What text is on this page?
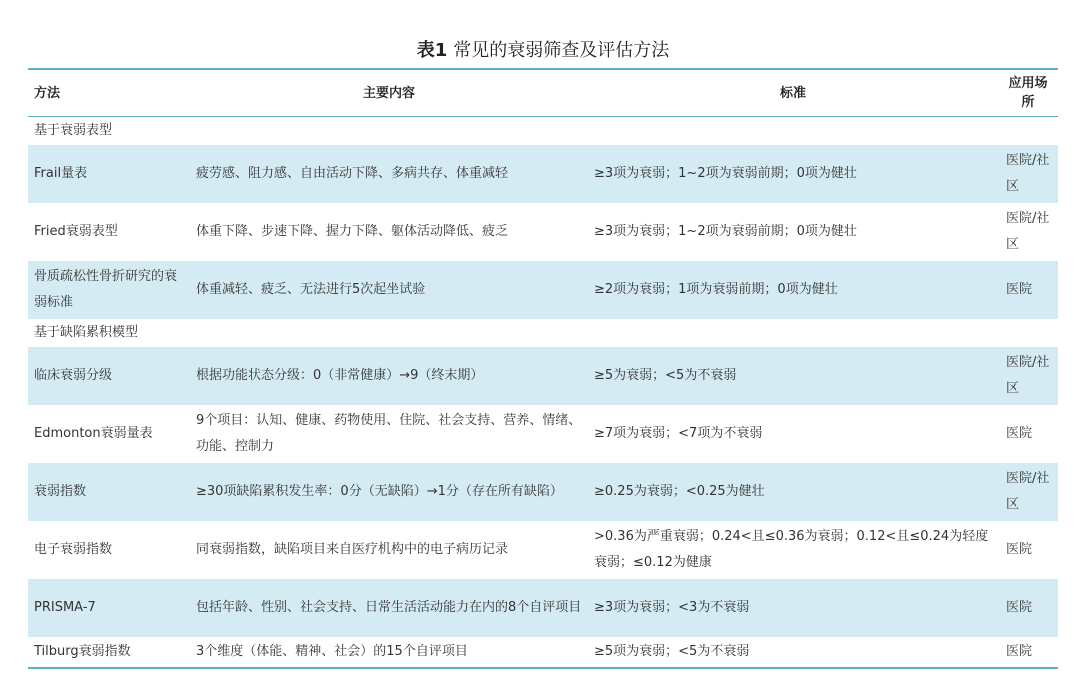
表1 常见的衰弱筛查及评估方法
方法	主要内容	标准	应用场所
基于衰弱表型			
Frail量表	疲劳感、阻力感、自由活动下降、多病共存、体重减轻	≥3项为衰弱；1~2项为衰弱前期；0项为健壮	医院/社区
Fried衰弱表型	体重下降、步速下降、握力下降、躯体活动降低、疲乏	≥3项为衰弱；1~2项为衰弱前期；0项为健壮	医院/社区
骨质疏松性骨折研究的衰弱标准	体重减轻、疲乏、无法进行5次起坐试验	≥2项为衰弱；1项为衰弱前期；0项为健壮	医院
基于缺陷累积模型			
临床衰弱分级	根据功能状态分级：0（非常健康）→9（终末期）	≥5为衰弱；<5为不衰弱	医院/社区
Edmonton衰弱量表	9个项目：认知、健康、药物使用、住院、社会支持、营养、情绪、功能、控制力	≥7项为衰弱；<7项为不衰弱	医院
衰弱指数	≥30项缺陷累积发生率：0分（无缺陷）→1分（存在所有缺陷）	≥0.25为衰弱；<0.25为健壮	医院/社区
电子衰弱指数	同衰弱指数，缺陷项目来自医疗机构中的电子病历记录	>0.36为严重衰弱；0.24<且≤0.36为衰弱；0.12<且≤0.24为轻度衰弱；≤0.12为健康	医院
PRISMA-7	包括年龄、性别、社会支持、日常生活活动能力在内的8个自评项目	≥3项为衰弱；<3为不衰弱	医院
Tilburg衰弱指数	3个维度（体能、精神、社会）的15个自评项目	≥5项为衰弱；<5为不衰弱	医院
